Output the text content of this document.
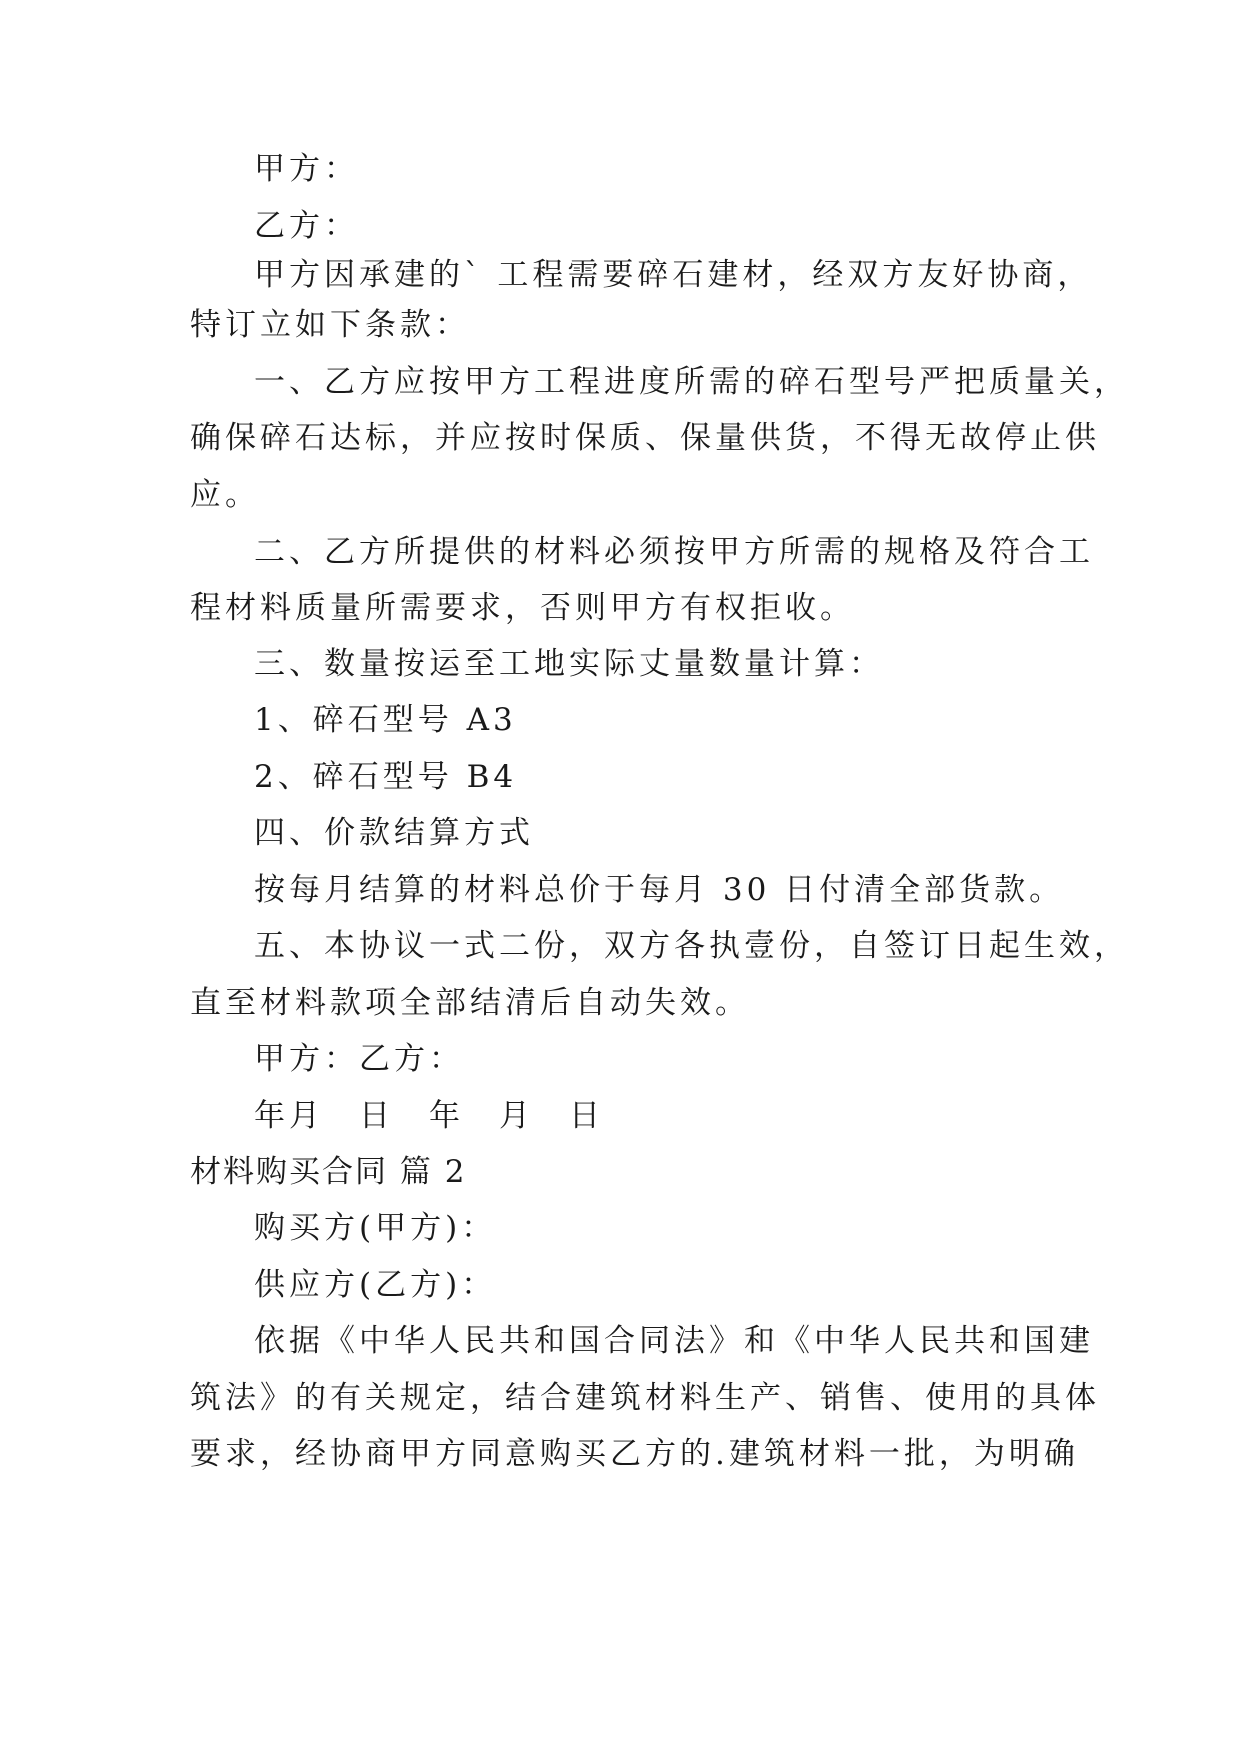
甲方：
乙方：
甲方因承建的` 工程需要碎石建材，经双方友好协商，
特订立如下条款：
一、乙方应按甲方工程进度所需的碎石型号严把质量关，
确保碎石达标，并应按时保质、保量供货，不得无故停止供
应。
二、乙方所提供的材料必须按甲方所需的规格及符合工
程材料质量所需要求，否则甲方有权拒收。
三、数量按运至工地实际丈量数量计算：
1、碎石型号 A3
2、碎石型号 B4
四、价款结算方式
按每月结算的材料总价于每月 30 日付清全部货款。
五、本协议一式二份，双方各执壹份，自签订日起生效，
直至材料款项全部结清后自动失效。
甲方：乙方：
年月　日　年　月　日
材料购买合同 篇 2
购买方(甲方)：
供应方(乙方)：
依据《中华人民共和国合同法》和《中华人民共和国建
筑法》的有关规定，结合建筑材料生产、销售、使用的具体
要求，经协商甲方同意购买乙方的.建筑材料一批，为明确
